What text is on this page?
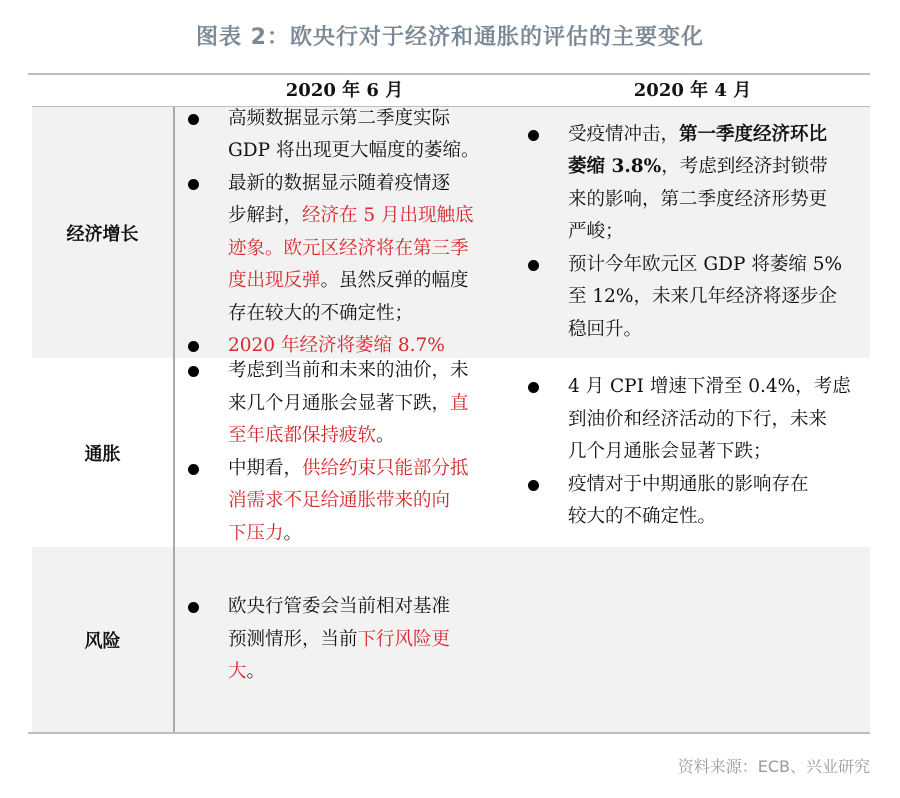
图表 2：欧央行对于经济和通胀的评估的主要变化
2020 年 6 月	2020 年 4 月
经济增长
高频数据显示第二季度实际
GDP 将出现更大幅度的萎缩。
最新的数据显示随着疫情逐
步解封，经济在 5 月出现触底
迹象。欧元区经济将在第三季
度出现反弹。虽然反弹的幅度
存在较大的不确定性；
2020 年经济将萎缩 8.7%
受疫情冲击，第一季度经济环比
萎缩 3.8%，考虑到经济封锁带
来的影响，第二季度经济形势更
严峻；
预计今年欧元区 GDP 将萎缩 5%
至 12%，未来几年经济将逐步企
稳回升。
通胀
考虑到当前和未来的油价，未
来几个月通胀会显著下跌，直
至年底都保持疲软。
中期看，供给约束只能部分抵
消需求不足给通胀带来的向
下压力。
4 月 CPI 增速下滑至 0.4%，考虑
到油价和经济活动的下行，未来
几个月通胀会显著下跌；
疫情对于中期通胀的影响存在
较大的不确定性。
风险
欧央行管委会当前相对基准
预测情形，当前下行风险更
大。
资料来源：ECB、兴业研究
